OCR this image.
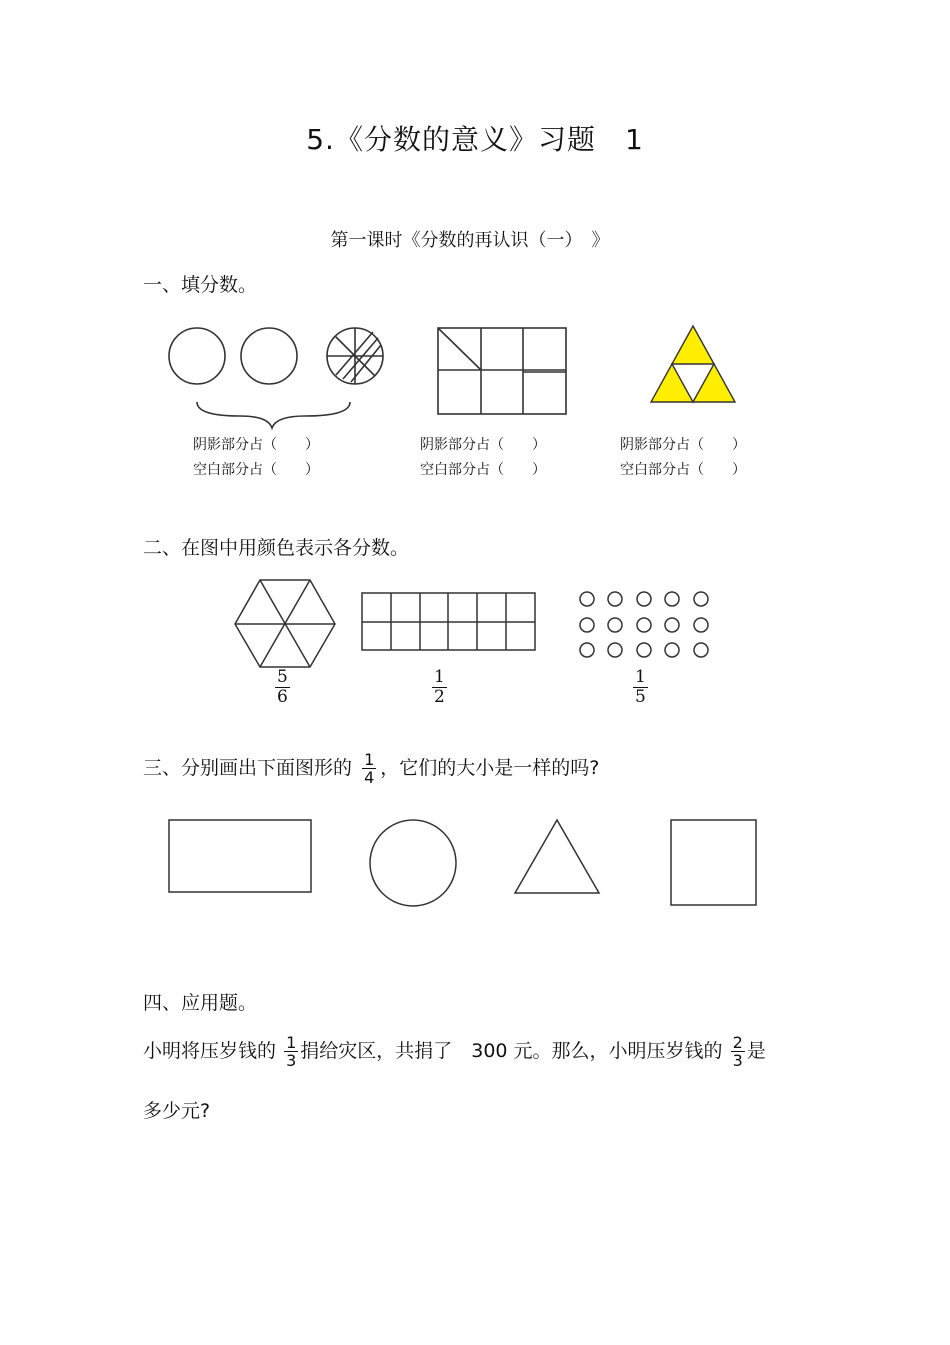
5.《分数的意义》习题　1
第一课时《分数的再认识（一）　》
一、填分数。
阴影部分占（　　）
空白部分占（　　）
阴影部分占（　　）
空白部分占（　　）
阴影部分占（　　）
空白部分占（　　）
二、在图中用颜色表示各分数。
$\frac{5}{6}$	$\frac{1}{2}$	$\frac{1}{5}$
三、分别画出下面图形的 $\frac{1}{4}$ ，它们的大小是一样的吗?
四、应用题。
小明将压岁钱的 $\frac{1}{3}$ 捐给灾区，共捐了　300 元。那么，小明压岁钱的 $\frac{2}{3}$ 是
多少元?
